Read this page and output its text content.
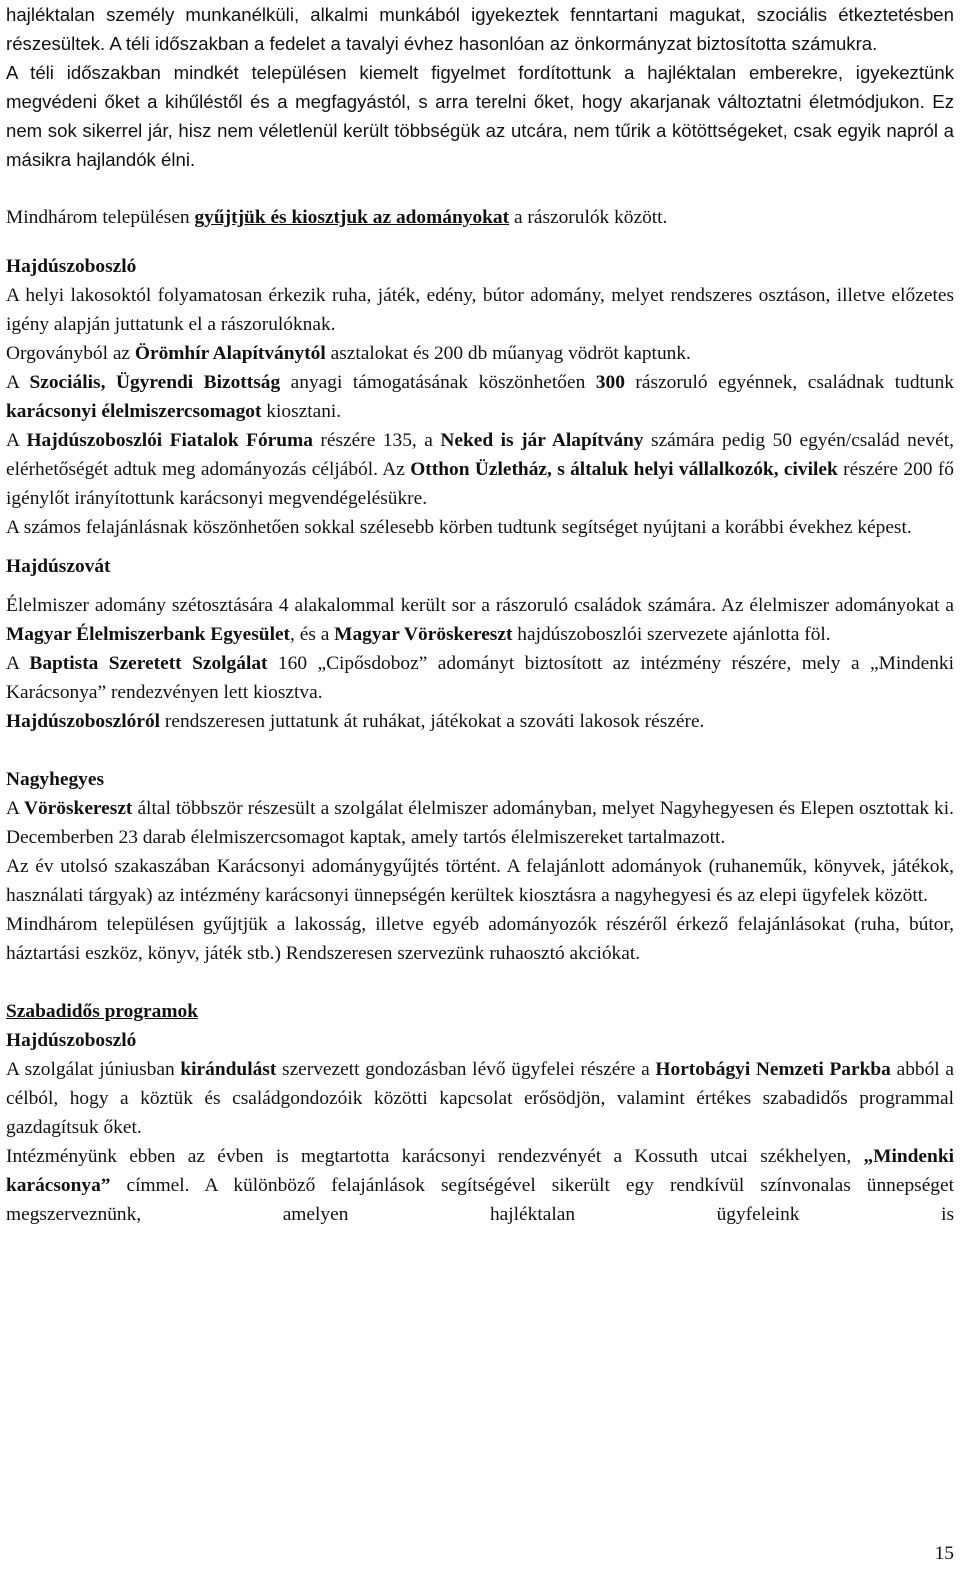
hajléktalan személy munkanélküli, alkalmi munkából igyekeztek fenntartani magukat, szociális étkeztetésben részesültek. A téli időszakban a fedelet a tavalyi évhez hasonlóan az önkormányzat biztosította számukra.

A téli időszakban mindkét településen kiemelt figyelmet fordítottunk a hajléktalan emberekre, igyekeztünk megvédeni őket a kihűléstől és a megfagyástól, s arra terelni őket, hogy akarjanak változtatni életmódjukon. Ez nem sok sikerrel jár, hisz nem véletlenül került többségük az utcára, nem tűrik a kötöttségeket, csak egyik napról a másikra hajlandók élni.

Mindhárom településen gyűjtjük és kiosztjuk az adományokat a rászorulók között.

Hajdúszoboszló

A helyi lakosoktól folyamatosan érkezik ruha, játék, edény, bútor adomány, melyet rendszeres osztáson, illetve előzetes igény alapján juttatunk el a rászorulóknak.

Orgoványból az Örömhír Alapítványtól asztalokat és 200 db műanyag vödröt kaptunk.

A Szociális, Ügyrendi Bizottság anyagi támogatásának köszönhetően 300 rászoruló egyénnek, családnak tudtunk karácsonyi élelmiszercsomagot kiosztani.

A Hajdúszoboszlói Fiatalok Fóruma részére 135, a Neked is jár Alapítvány számára pedig 50 egyén/család nevét, elérhetőségét adtuk meg adományozás céljából. Az Otthon Üzletház, s általuk helyi vállalkozók, civilek részére 200 fő igénylőt irányítottunk karácsonyi megvendégelésükre.

A számos felajánlásnak köszönhetően sokkal szélesebb körben tudtunk segítséget nyújtani a korábbi évekhez képest.

Hajdúszovát

Élelmiszer adomány szétosztására 4 alakalommal került sor a rászoruló családok számára. Az élelmiszer adományokat a Magyar Élelmiszerbank Egyesület, és a Magyar Vöröskereszt hajdúszoboszlói szervezete ajánlotta föl.

A Baptista Szeretett Szolgálat 160 „Cipősdoboz” adományt biztosított az intézmény részére, mely a „Mindenki Karácsonya” rendezvényen lett kiosztva.

Hajdúszoboszlóról rendszeresen juttatunk át ruhákat, játékokat a szováti lakosok részére.

Nagyhegyes

A Vöröskereszt által többször részesült a szolgálat élelmiszer adományban, melyet Nagyhegyesen és Elepen osztottak ki. Decemberben 23 darab élelmiszercsomagot kaptak, amely tartós élelmiszereket tartalmazott.

Az év utolsó szakaszában Karácsonyi adománygyűjtés történt. A felajánlott adományok (ruhaneműk, könyvek, játékok, használati tárgyak) az intézmény karácsonyi ünnepségén kerültek kiosztásra a nagyhegyesi és az elepi ügyfelek között.

Mindhárom településen gyűjtjük a lakosság, illetve egyéb adományozók részéről érkező felajánlásokat (ruha, bútor, háztartási eszköz, könyv, játék stb.) Rendszeresen szervezünk ruhaosztó akciókat.

Szabadidős programok

Hajdúszoboszló

A szolgálat júniusban kirándulást szervezett gondozásban lévő ügyfelei részére a Hortobágyi Nemzeti Parkba abból a célból, hogy a köztük és családgondozóik közötti kapcsolat erősödjön, valamint értékes szabadidős programmal gazdagítsuk őket.

Intézményünk ebben az évben is megtartotta karácsonyi rendezvényét a Kossuth utcai székhelyen, „Mindenki karácsonya” címmel. A különböző felajánlások segítségével sikerült egy rendkívül színvonalas ünnepséget megszerveznünk, amelyen hajléktalan ügyfeleink is

15
